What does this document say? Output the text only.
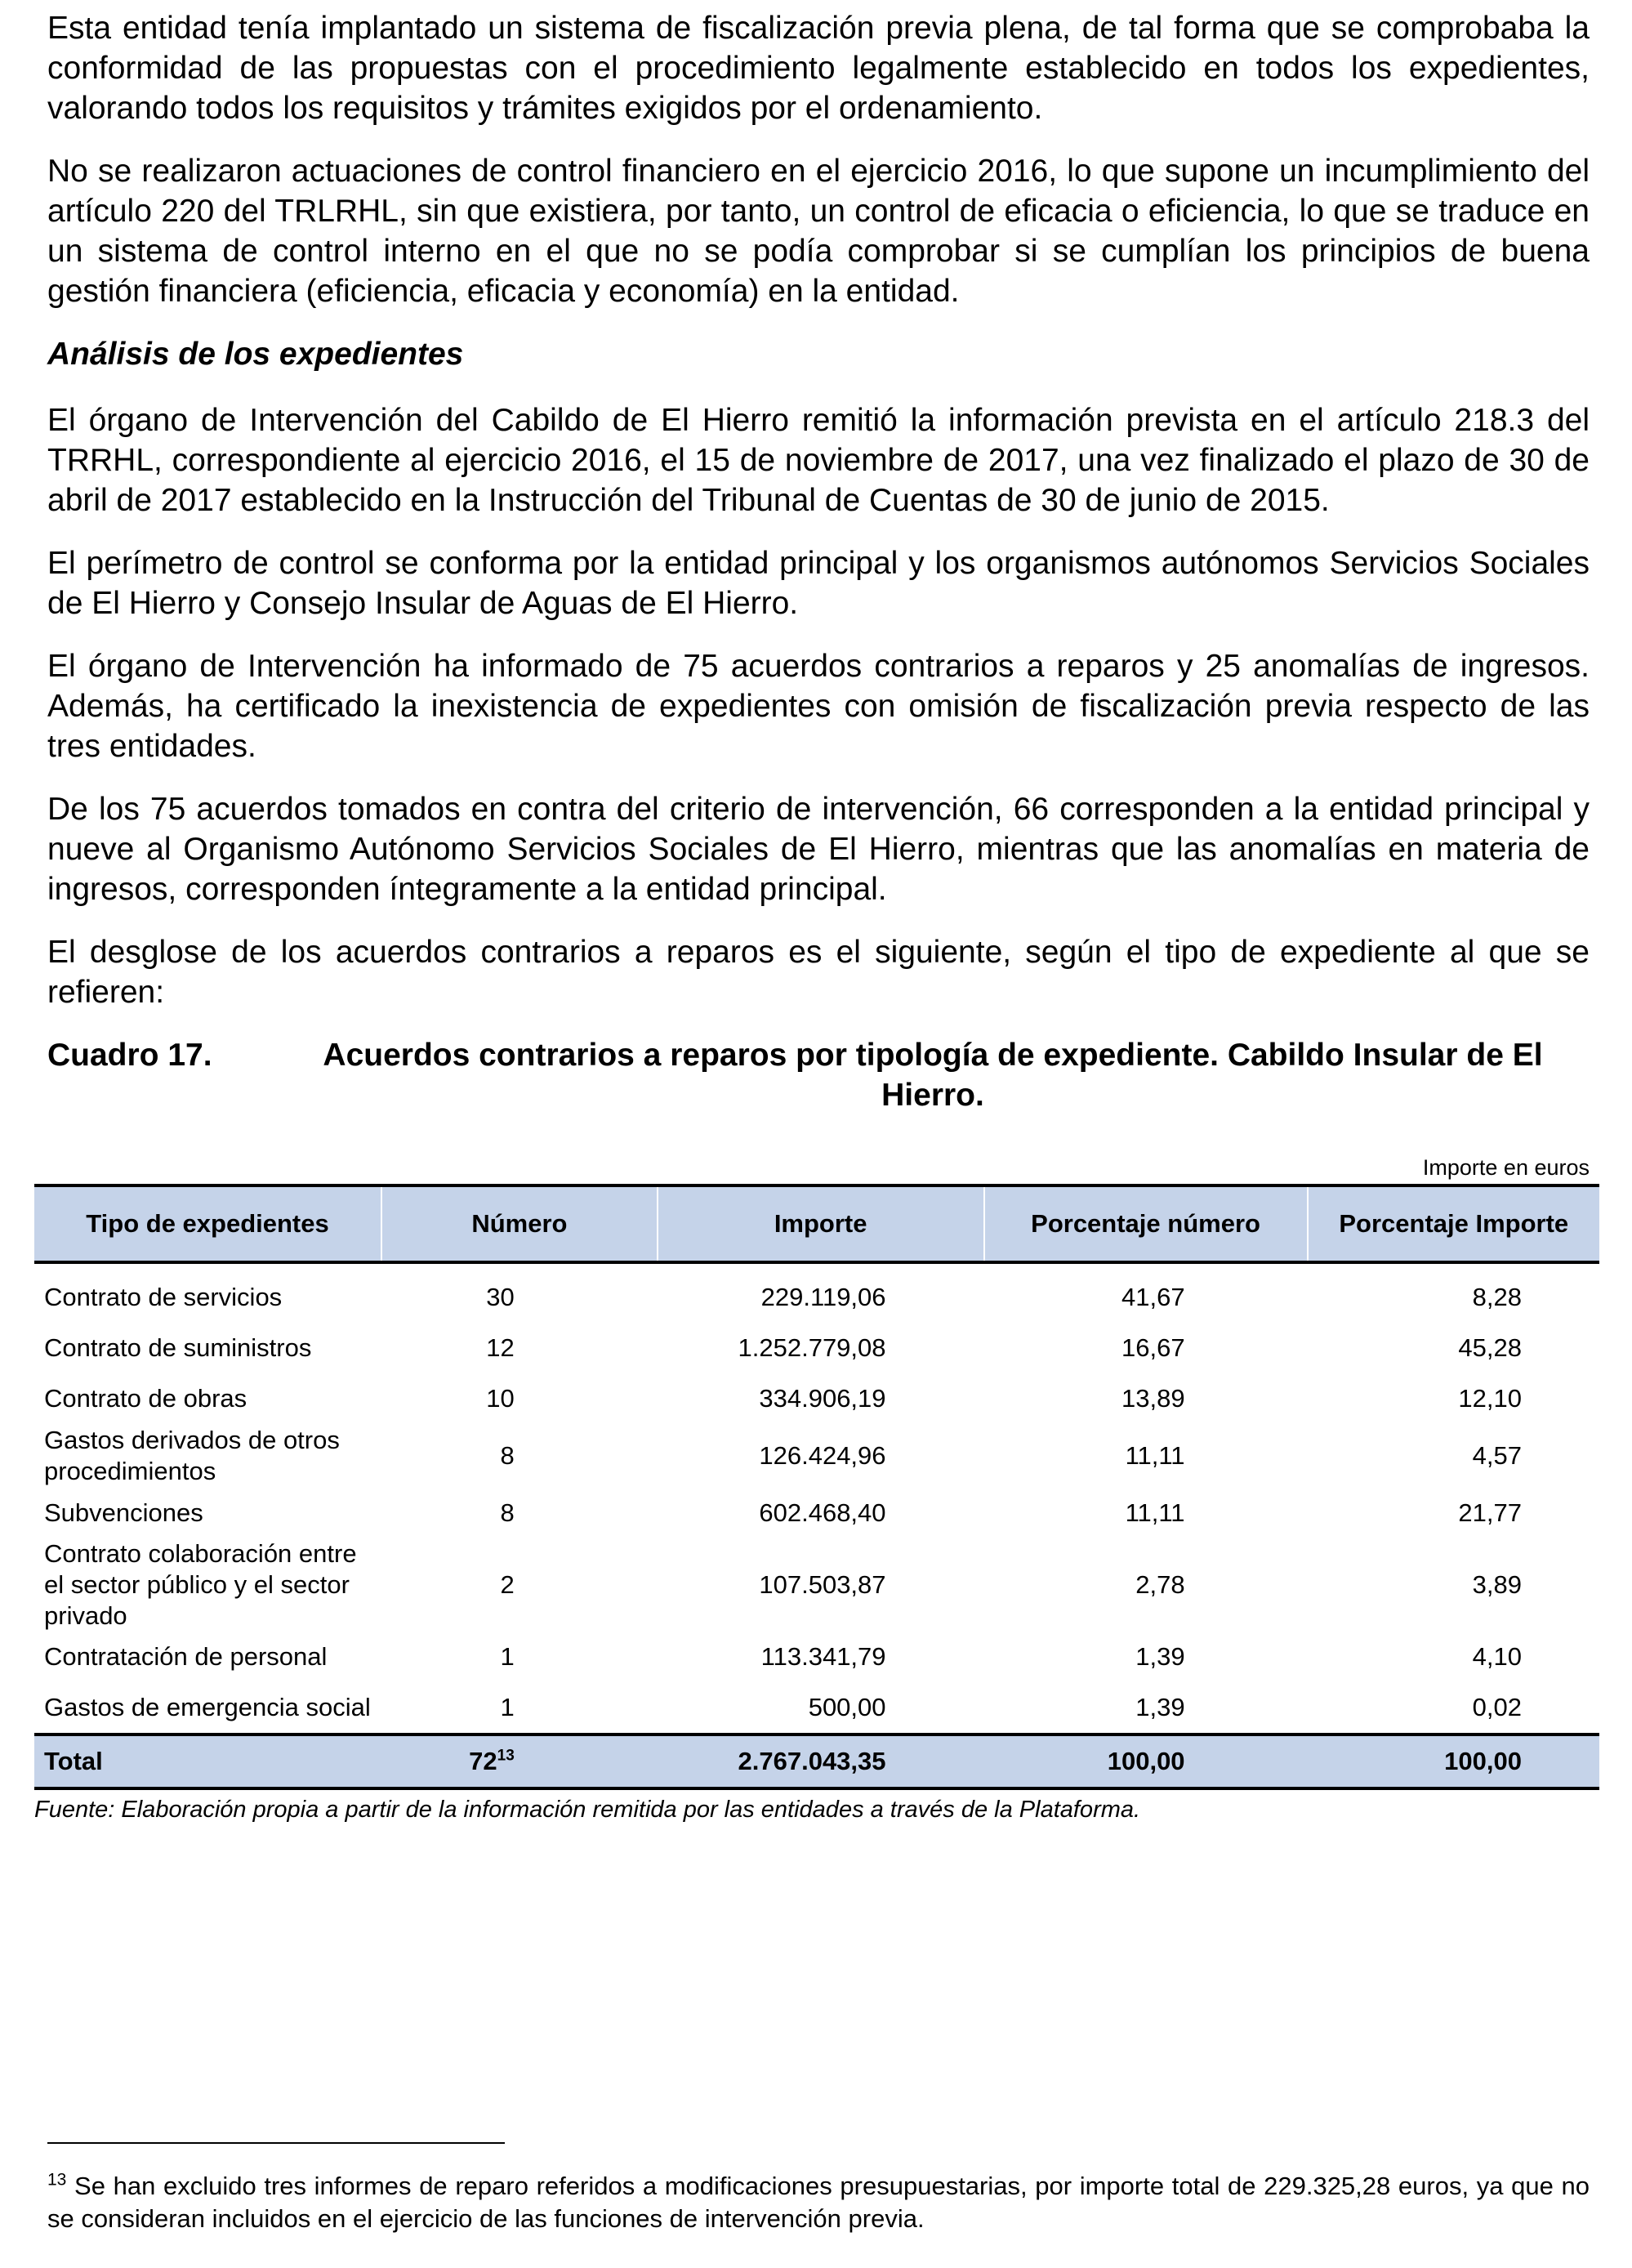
Esta entidad tenía implantado un sistema de fiscalización previa plena, de tal forma que se comprobaba la conformidad de las propuestas con el procedimiento legalmente establecido en todos los expedientes, valorando todos los requisitos y trámites exigidos por el ordenamiento.

No se realizaron actuaciones de control financiero en el ejercicio 2016, lo que supone un incumplimiento del artículo 220 del TRLRHL, sin que existiera, por tanto, un control de eficacia o eficiencia, lo que se traduce en un sistema de control interno en el que no se podía comprobar si se cumplían los principios de buena gestión financiera (eficiencia, eficacia y economía) en la entidad.

Análisis de los expedientes

El órgano de Intervención del Cabildo de El Hierro remitió la información prevista en el artículo 218.3 del TRRHL, correspondiente al ejercicio 2016, el 15 de noviembre de 2017, una vez finalizado el plazo de 30 de abril de 2017 establecido en la Instrucción del Tribunal de Cuentas de 30 de junio de 2015.

El perímetro de control se conforma por la entidad principal y los organismos autónomos Servicios Sociales de El Hierro y Consejo Insular de Aguas de El Hierro.

El órgano de Intervención ha informado de 75 acuerdos contrarios a reparos y 25 anomalías de ingresos. Además, ha certificado la inexistencia de expedientes con omisión de fiscalización previa respecto de las tres entidades.

De los 75 acuerdos tomados en contra del criterio de intervención, 66 corresponden a la entidad principal y nueve al Organismo Autónomo Servicios Sociales de El Hierro, mientras que las anomalías en materia de ingresos, corresponden íntegramente a la entidad principal.

El desglose de los acuerdos contrarios a reparos es el siguiente, según el tipo de expediente al que se refieren:

Cuadro 17.	Acuerdos contrarios a reparos por tipología de expediente. Cabildo Insular de El Hierro.
Importe en euros
Tipo de expedientes	Número	Importe	Porcentaje número	Porcentaje Importe
Contrato de servicios	30	229.119,06	41,67	8,28
Contrato de suministros	12	1.252.779,08	16,67	45,28
Contrato de obras	10	334.906,19	13,89	12,10
Gastos derivados de otros procedimientos	8	126.424,96	11,11	4,57
Subvenciones	8	602.468,40	11,11	21,77
Contrato colaboración entre el sector público y el sector privado	2	107.503,87	2,78	3,89
Contratación de personal	1	113.341,79	1,39	4,10
Gastos de emergencia social	1	500,00	1,39	0,02
Total	$72^{13}$	2.767.043,35	100,00	100,00
Fuente: Elaboración propia a partir de la información remitida por las entidades a través de la Plataforma.

$^{13}$ Se han excluido tres informes de reparo referidos a modificaciones presupuestarias, por importe total de 229.325,28 euros, ya que no se consideran incluidos en el ejercicio de las funciones de intervención previa.
